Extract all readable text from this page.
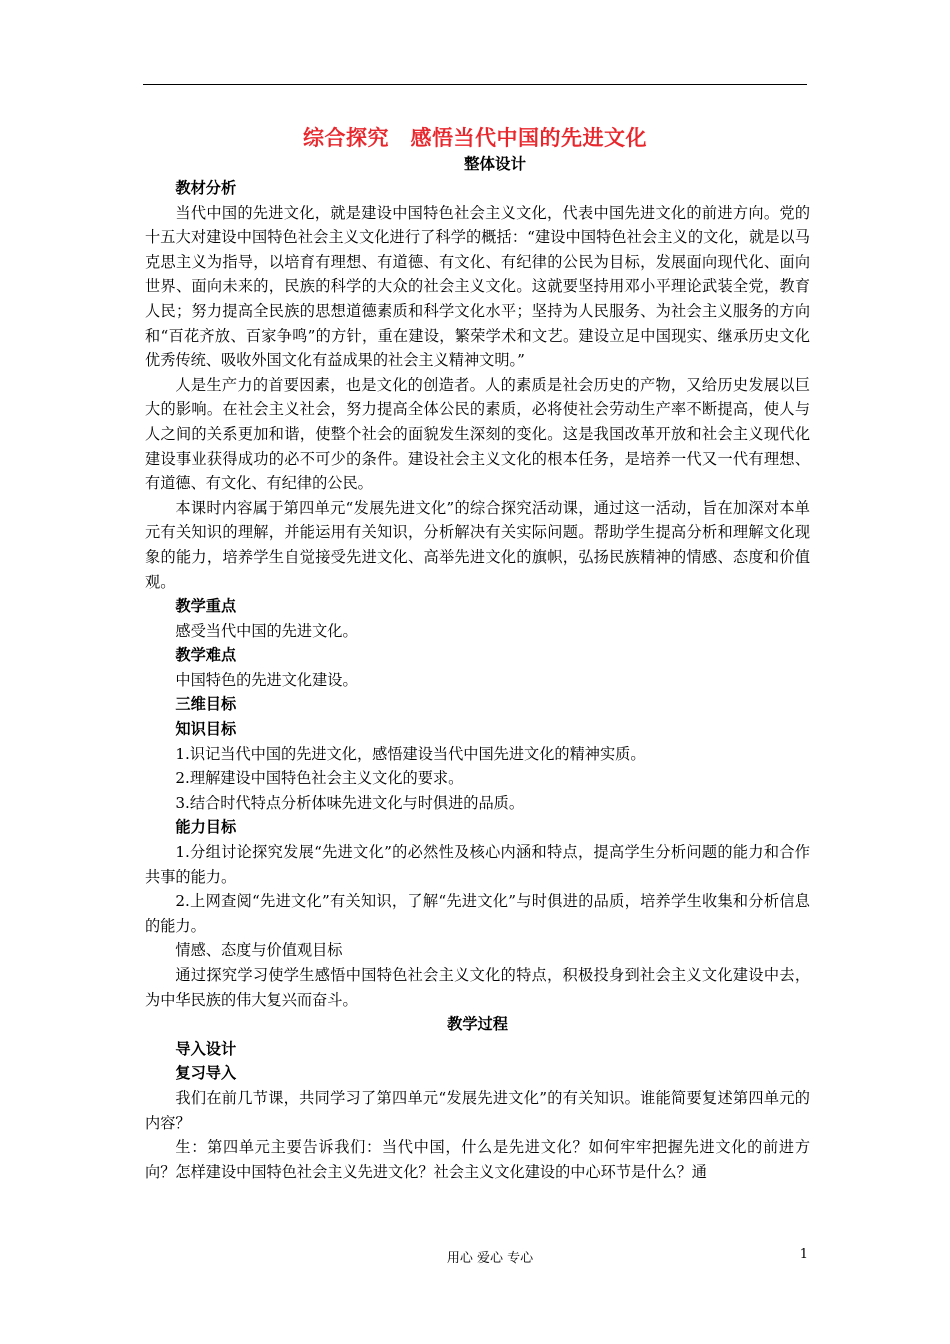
综合探究　感悟当代中国的先进文化
整体设计

教材分析

当代中国的先进文化，就是建设中国特色社会主义文化，代表中国先进文化的前进方向。党的十五大对建设中国特色社会主义文化进行了科学的概括：“建设中国特色社会主义的文化，就是以马克思主义为指导，以培育有理想、有道德、有文化、有纪律的公民为目标，发展面向现代化、面向世界、面向未来的，民族的科学的大众的社会主义文化。这就要坚持用邓小平理论武装全党，教育人民；努力提高全民族的思想道德素质和科学文化水平；坚持为人民服务、为社会主义服务的方向和“百花齐放、百家争鸣”的方针，重在建设，繁荣学术和文艺。建设立足中国现实、继承历史文化优秀传统、吸收外国文化有益成果的社会主义精神文明。”

人是生产力的首要因素，也是文化的创造者。人的素质是社会历史的产物，又给历史发展以巨大的影响。在社会主义社会，努力提高全体公民的素质，必将使社会劳动生产率不断提高，使人与人之间的关系更加和谐，使整个社会的面貌发生深刻的变化。这是我国改革开放和社会主义现代化建设事业获得成功的必不可少的条件。建设社会主义文化的根本任务，是培养一代又一代有理想、有道德、有文化、有纪律的公民。

本课时内容属于第四单元“发展先进文化”的综合探究活动课，通过这一活动，旨在加深对本单元有关知识的理解，并能运用有关知识，分析解决有关实际问题。帮助学生提高分析和理解文化现象的能力，培养学生自觉接受先进文化、高举先进文化的旗帜，弘扬民族精神的情感、态度和价值观。

教学重点

感受当代中国的先进文化。

教学难点

中国特色的先进文化建设。

三维目标

知识目标

1.识记当代中国的先进文化，感悟建设当代中国先进文化的精神实质。

2.理解建设中国特色社会主义文化的要求。

3.结合时代特点分析体味先进文化与时俱进的品质。

能力目标

1.分组讨论探究发展“先进文化”的必然性及核心内涵和特点，提高学生分析问题的能力和合作共事的能力。

2.上网查阅“先进文化”有关知识，了解“先进文化”与时俱进的品质，培养学生收集和分析信息的能力。

情感、态度与价值观目标

通过探究学习使学生感悟中国特色社会主义文化的特点，积极投身到社会主义文化建设中去，为中华民族的伟大复兴而奋斗。

教学过程

导入设计

复习导入

我们在前几节课，共同学习了第四单元“发展先进文化”的有关知识。谁能简要复述第四单元的内容？

生：第四单元主要告诉我们：当代中国，什么是先进文化？如何牢牢把握先进文化的前进方向？怎样建设中国特色社会主义先进文化？社会主义文化建设的中心环节是什么？通

用心 爱心 专心	1
